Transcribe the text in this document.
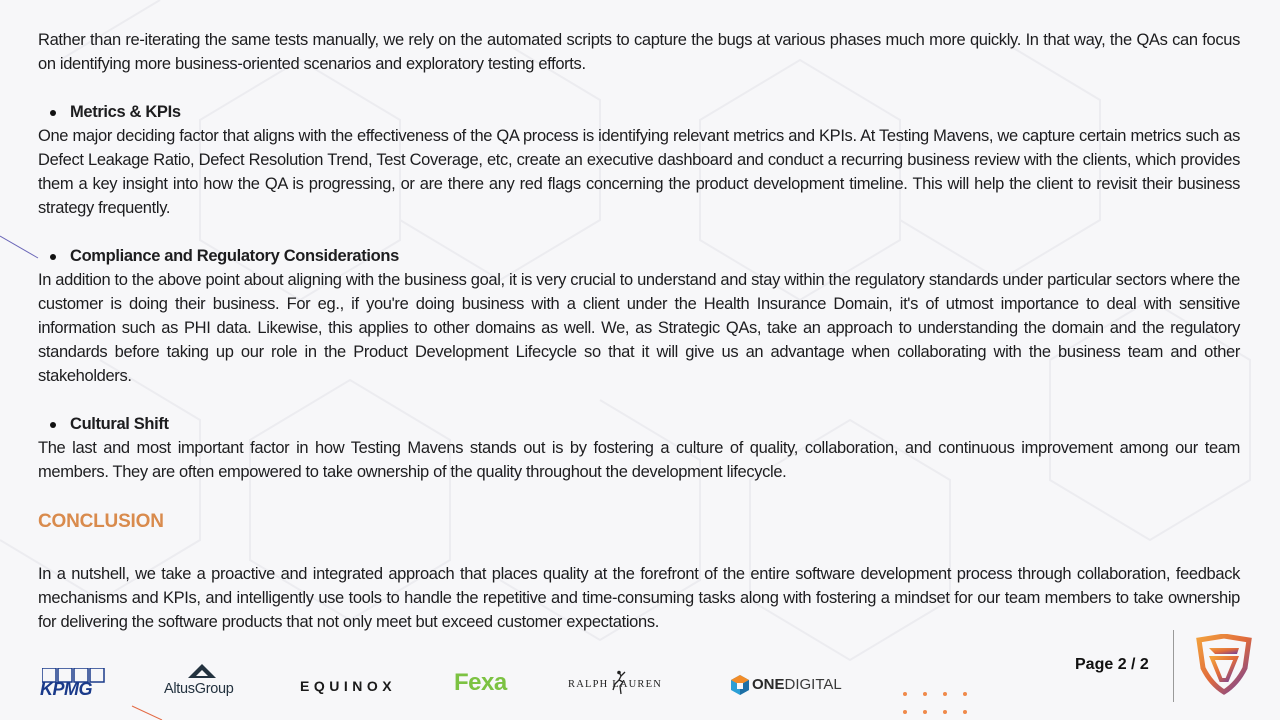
Rather than re-iterating the same tests manually, we rely on the automated scripts to capture the bugs at various phases much more quickly. In that way, the QAs can focus on identifying more business-oriented scenarios and exploratory testing efforts.

Metrics & KPIs

One major deciding factor that aligns with the effectiveness of the QA process is identifying relevant metrics and KPIs. At Testing Mavens, we capture certain metrics such as Defect Leakage Ratio, Defect Resolution Trend, Test Coverage, etc, create an executive dashboard and conduct a recurring business review with the clients, which provides them a key insight into how the QA is progressing, or are there any red flags concerning the product development timeline. This will help the client to revisit their business strategy frequently.

Compliance and Regulatory Considerations

In addition to the above point about aligning with the business goal, it is very crucial to understand and stay within the regulatory standards under particular sectors where the customer is doing their business. For eg., if you're doing business with a client under the Health Insurance Domain, it's of utmost importance to deal with sensitive information such as PHI data. Likewise, this applies to other domains as well. We, as Strategic QAs, take an approach to understanding the domain and the regulatory standards before taking up our role in the Product Development Lifecycle so that it will give us an advantage when collaborating with the business team and other stakeholders.

Cultural Shift

The last and most important factor in how Testing Mavens stands out is by fostering a culture of quality, collaboration, and continuous improvement among our team members. They are often empowered to take ownership of the quality throughout the development lifecycle.

CONCLUSION

In a nutshell, we take a proactive and integrated approach that places quality at the forefront of the entire software development process through collaboration, feedback mechanisms and KPIs, and intelligently use tools to handle the repetitive and time-consuming tasks along with fostering a mindset for our team members to take ownership for delivering the software products that not only meet but exceed customer expectations.

KPMG	AltusGroup	EQUINOX Fexa	RALPH LAUREN	ONEDIGITAL
Page 2 / 2
